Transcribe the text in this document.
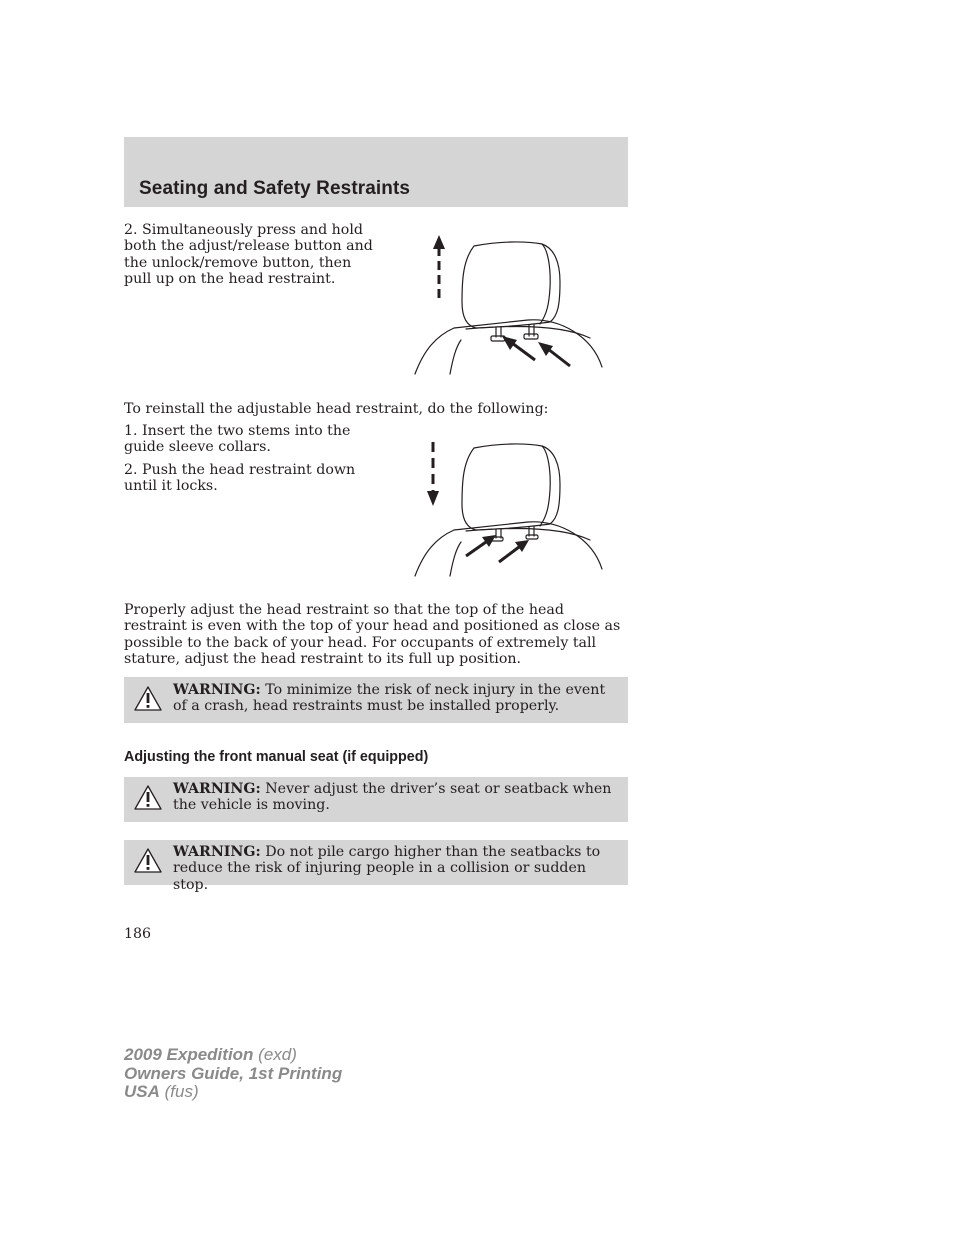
Seating and Safety Restraints

2. Simultaneously press and hold both the adjust/release button and the unlock/remove button, then pull up on the head restraint.

To reinstall the adjustable head restraint, do the following:

1. Insert the two stems into the guide sleeve collars.

2. Push the head restraint down until it locks.

Properly adjust the head restraint so that the top of the head restraint is even with the top of your head and positioned as close as possible to the back of your head. For occupants of extremely tall stature, adjust the head restraint to its full up position.

WARNING: To minimize the risk of neck injury in the event of a crash, head restraints must be installed properly.

Adjusting the front manual seat (if equipped)

WARNING: Never adjust the driver’s seat or seatback when the vehicle is moving.

WARNING: Do not pile cargo higher than the seatbacks to reduce the risk of injuring people in a collision or sudden stop.

186

2009 Expedition (exd)
Owners Guide, 1st Printing
USA (fus)
